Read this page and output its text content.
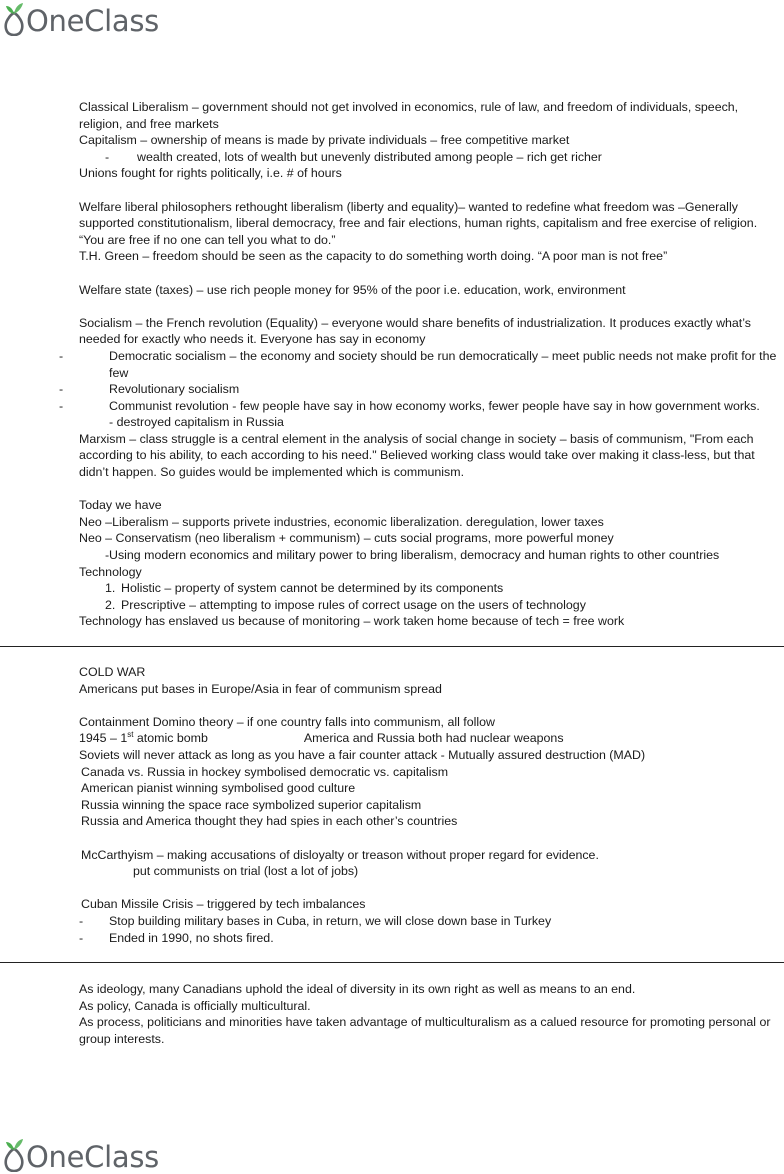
OneClass

Classical Liberalism – government should not get involved in economics, rule of law, and freedom of individuals, speech,

religion, and free markets

Capitalism – ownership of means is made by private individuals – free competitive market

- wealth created, lots of wealth but unevenly distributed among people – rich get richer

Unions fought for rights politically, i.e. # of hours

Welfare liberal philosophers rethought liberalism (liberty and equality)– wanted to redefine what freedom was –Generally

supported constitutionalism, liberal democracy, free and fair elections, human rights, capitalism and free exercise of religion.

“You are free if no one can tell you what to do.”

T.H. Green – freedom should be seen as the capacity to do something worth doing. “A poor man is not free”

Welfare state (taxes) – use rich people money for 95% of the poor i.e. education, work, environment

Socialism – the French revolution (Equality) – everyone would share benefits of industrialization. It produces exactly what’s

needed for exactly who needs it. Everyone has say in economy

- Democratic socialism – the economy and society should be run democratically – meet public needs not make profit for the few

- Revolutionary socialism

- Communist revolution - few people have say in how economy works, fewer people have say in how government works. - destroyed capitalism in Russia

Marxism – class struggle is a central element in the analysis of social change in society – basis of communism, "From each

according to his ability, to each according to his need." Believed working class would take over making it class-less, but that

didn’t happen. So guides would be implemented which is communism.

Today we have

Neo –Liberalism – supports privete industries, economic liberalization. deregulation, lower taxes

Neo – Conservatism (neo liberalism + communism) – cuts social programs, more powerful money

- Using modern economics and military power to bring liberalism, democracy and human rights to other countries

Technology

1. Holistic – property of system cannot be determined by its components

2. Prescriptive – attempting to impose rules of correct usage on the users of technology

Technology has enslaved us because of monitoring – work taken home because of tech = free work

COLD WAR

Americans put bases in Europe/Asia in fear of communism spread

Containment Domino theory – if one country falls into communism, all follow

1945 – 1st atomic bomb	America and Russia both had nuclear weapons

Soviets will never attack as long as you have a fair counter attack - Mutually assured destruction (MAD)

Canada vs. Russia in hockey symbolised democratic vs. capitalism

American pianist winning symbolised good culture

Russia winning the space race symbolized superior capitalism

Russia and America thought they had spies in each other’s countries

McCarthyism – making accusations of disloyalty or treason without proper regard for evidence.

put communists on trial (lost a lot of jobs)

Cuban Missile Crisis – triggered by tech imbalances

- Stop building military bases in Cuba, in return, we will close down base in Turkey

- Ended in 1990, no shots fired.

As ideology, many Canadians uphold the ideal of diversity in its own right as well as means to an end.

As policy, Canada is officially multicultural.

As process, politicians and minorities have taken advantage of multiculturalism as a calued resource for promoting personal or

group interests.

OneClass
